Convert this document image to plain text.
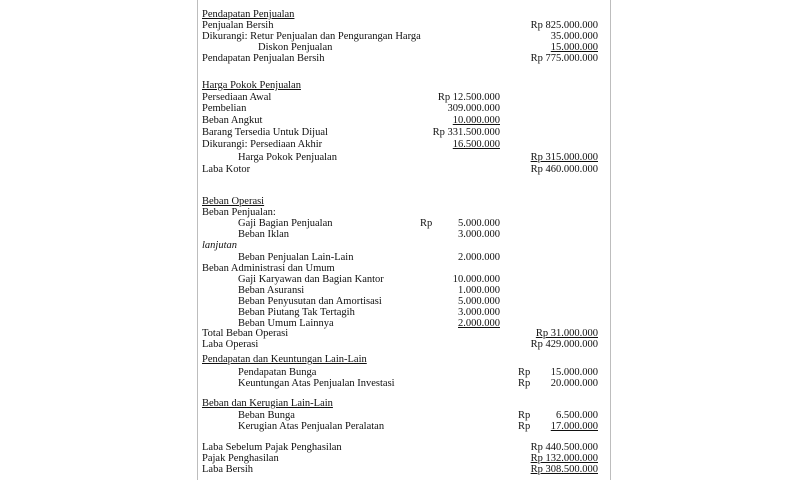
Pendapatan Penjualan
Penjualan Bersih	Rp 825.000.000
Dikurangi: Retur Penjualan dan Pengurangan Harga	35.000.000
Diskon Penjualan	15.000.000
Pendapatan Penjualan Bersih	Rp 775.000.000
Harga Pokok Penjualan
Persediaan Awal	Rp 12.500.000
Pembelian	309.000.000
Beban Angkut	10.000.000
Barang Tersedia Untuk Dijual	Rp 331.500.000
Dikurangi: Persediaan Akhir	16.500.000
Harga Pokok Penjualan	Rp 315.000.000
Laba Kotor	Rp 460.000.000
Beban Operasi
Beban Penjualan:
Gaji Bagian Penjualan	Rp	5.000.000
Beban Iklan	3.000.000
lanjutan
Beban Penjualan Lain-Lain	2.000.000
Beban Administrasi dan Umum
Gaji Karyawan dan Bagian Kantor	10.000.000
Beban Asuransi	1.000.000
Beban Penyusutan dan Amortisasi	5.000.000
Beban Piutang Tak Tertagih	3.000.000
Beban Umum Lainnya	2.000.000
Total Beban Operasi	Rp 31.000.000
Laba Operasi	Rp 429.000.000
Pendapatan dan Keuntungan Lain-Lain
Pendapatan Bunga	Rp	15.000.000
Keuntungan Atas Penjualan Investasi	Rp	20.000.000
Beban dan Kerugian Lain-Lain
Beban Bunga	Rp	6.500.000
Kerugian Atas Penjualan Peralatan	Rp	17.000.000
Laba Sebelum Pajak Penghasilan	Rp 440.500.000
Pajak Penghasilan	Rp 132.000.000
Laba Bersih	Rp 308.500.000
